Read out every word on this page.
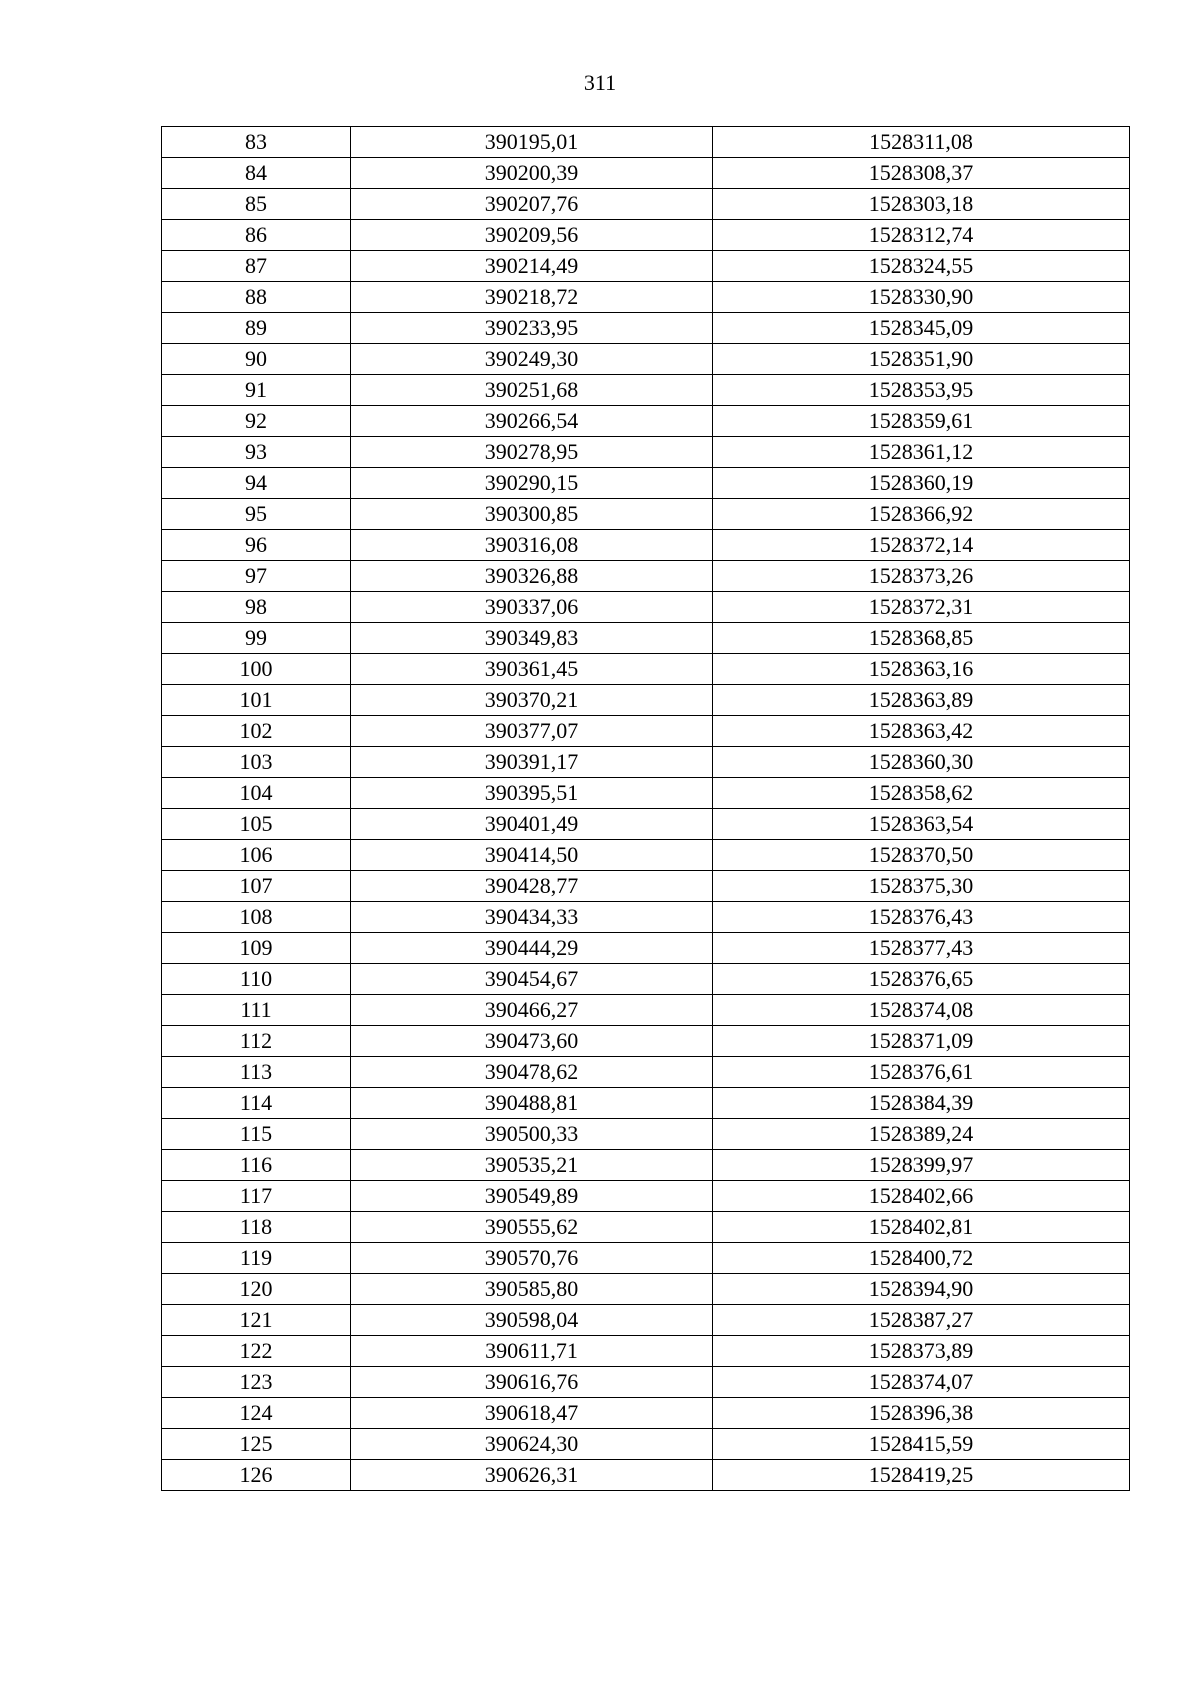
311
83	390195,01	1528311,08
84	390200,39	1528308,37
85	390207,76	1528303,18
86	390209,56	1528312,74
87	390214,49	1528324,55
88	390218,72	1528330,90
89	390233,95	1528345,09
90	390249,30	1528351,90
91	390251,68	1528353,95
92	390266,54	1528359,61
93	390278,95	1528361,12
94	390290,15	1528360,19
95	390300,85	1528366,92
96	390316,08	1528372,14
97	390326,88	1528373,26
98	390337,06	1528372,31
99	390349,83	1528368,85
100	390361,45	1528363,16
101	390370,21	1528363,89
102	390377,07	1528363,42
103	390391,17	1528360,30
104	390395,51	1528358,62
105	390401,49	1528363,54
106	390414,50	1528370,50
107	390428,77	1528375,30
108	390434,33	1528376,43
109	390444,29	1528377,43
110	390454,67	1528376,65
111	390466,27	1528374,08
112	390473,60	1528371,09
113	390478,62	1528376,61
114	390488,81	1528384,39
115	390500,33	1528389,24
116	390535,21	1528399,97
117	390549,89	1528402,66
118	390555,62	1528402,81
119	390570,76	1528400,72
120	390585,80	1528394,90
121	390598,04	1528387,27
122	390611,71	1528373,89
123	390616,76	1528374,07
124	390618,47	1528396,38
125	390624,30	1528415,59
126	390626,31	1528419,25
